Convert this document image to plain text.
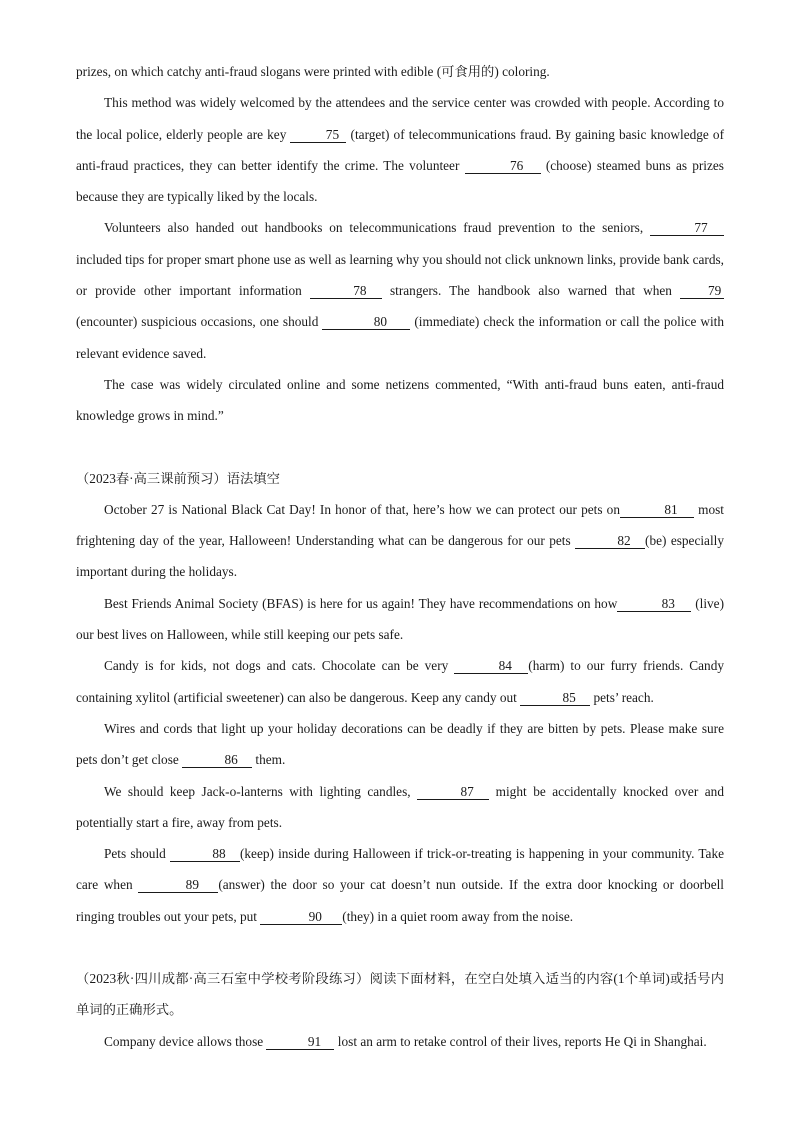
prizes, on which catchy anti-fraud slogans were printed with edible (可食用的) coloring.

This method was widely welcomed by the attendees and the service center was crowded with people. According to the local police, elderly people are key	75 (target) of telecommunications fraud. By gaining basic knowledge of anti-fraud practices, they can better identify the crime. The volunteer	76 (choose) steamed buns as prizes because they are typically liked by the locals.

Volunteers also handed out handbooks on telecommunications fraud prevention to the seniors,	77 included tips for proper smart phone use as well as learning why you should not click unknown links, provide bank cards, or provide other important information	78 strangers. The handbook also warned that when 79 (encounter) suspicious occasions, one should	80 (immediate) check the information or call the police with relevant evidence saved.

The case was widely circulated online and some netizens commented, “With anti-fraud buns eaten, anti-fraud knowledge grows in mind.”

（2023春·高三课前预习）语法填空

October 27 is National Black Cat Day! In honor of that, here’s how we can protect our pets on	81 most frightening day of the year, Halloween! Understanding what can be dangerous for our pets	82 (be) especially important during the holidays.

Best Friends Animal Society (BFAS) is here for us again! They have recommendations on how	83 (live) our best lives on Halloween, while still keeping our pets safe.

Candy is for kids, not dogs and cats. Chocolate can be very	84 (harm) to our furry friends. Candy containing xylitol (artificial sweetener) can also be dangerous. Keep any candy out	85 pets’ reach.

Wires and cords that light up your holiday decorations can be deadly if they are bitten by pets. Please make sure pets don’t get close	86 them.

We should keep Jack-o-lanterns with lighting candles,	87 might be accidentally knocked over and potentially start a fire, away from pets.

Pets should	88 (keep) inside during Halloween if trick-or-treating is happening in your community. Take care when	89 (answer) the door so your cat doesn’t nun outside. If the extra door knocking or doorbell ringing troubles out your pets, put	90 (they) in a quiet room away from the noise.

（2023秋·四川成都·高三石室中学校考阶段练习）阅读下面材料，在空白处填入适当的内容(1个单词)或括号内单词的正确形式。

Company device allows those	91 lost an arm to retake control of their lives, reports He Qi in Shanghai.
